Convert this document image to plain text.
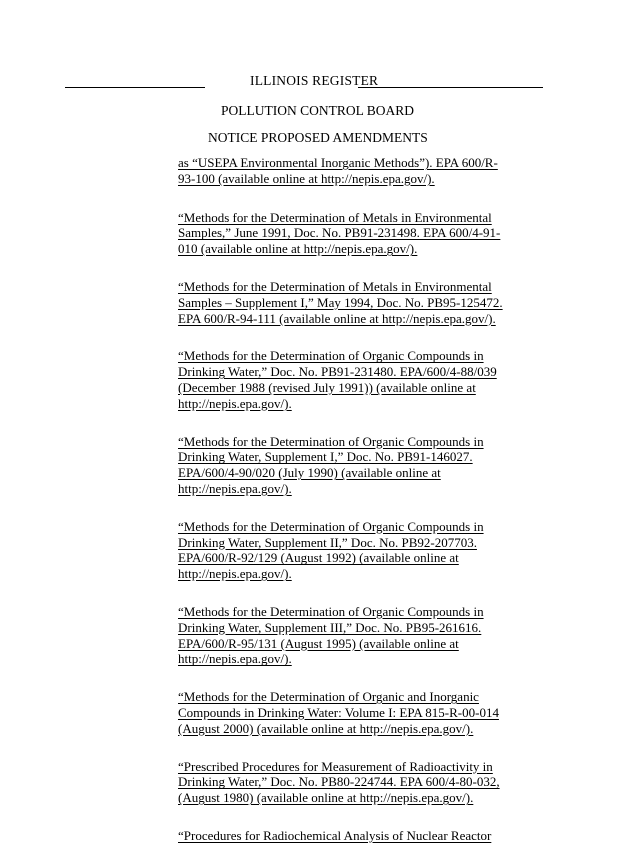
ILLINOIS REGISTER
POLLUTION CONTROL BOARD
NOTICE PROPOSED AMENDMENTS

as “USEPA Environmental Inorganic Methods”). EPA 600/R-93-100 (available online at http://nepis.epa.gov/).

“Methods for the Determination of Metals in Environmental Samples,” June 1991, Doc. No. PB91-231498. EPA 600/4-91-010 (available online at http://nepis.epa.gov/).

“Methods for the Determination of Metals in Environmental Samples – Supplement I,” May 1994, Doc. No. PB95-125472. EPA 600/R-94-111 (available online at http://nepis.epa.gov/).

“Methods for the Determination of Organic Compounds in Drinking Water,” Doc. No. PB91-231480. EPA/600/4-88/039 (December 1988 (revised July 1991)) (available online at http://nepis.epa.gov/).

“Methods for the Determination of Organic Compounds in Drinking Water, Supplement I,” Doc. No. PB91-146027. EPA/600/4-90/020 (July 1990) (available online at http://nepis.epa.gov/).

“Methods for the Determination of Organic Compounds in Drinking Water, Supplement II,” Doc. No. PB92-207703. EPA/600/R-92/129 (August 1992) (available online at http://nepis.epa.gov/).

“Methods for the Determination of Organic Compounds in Drinking Water, Supplement III,” Doc. No. PB95-261616. EPA/600/R-95/131 (August 1995) (available online at http://nepis.epa.gov/).

“Methods for the Determination of Organic and Inorganic Compounds in Drinking Water: Volume I: EPA 815-R-00-014 (August 2000) (available online at http://nepis.epa.gov/).

“Prescribed Procedures for Measurement of Radioactivity in Drinking Water,” Doc. No. PB80-224744. EPA 600/4-80-032, (August 1980) (available online at http://nepis.epa.gov/).

“Procedures for Radiochemical Analysis of Nuclear Reactor
